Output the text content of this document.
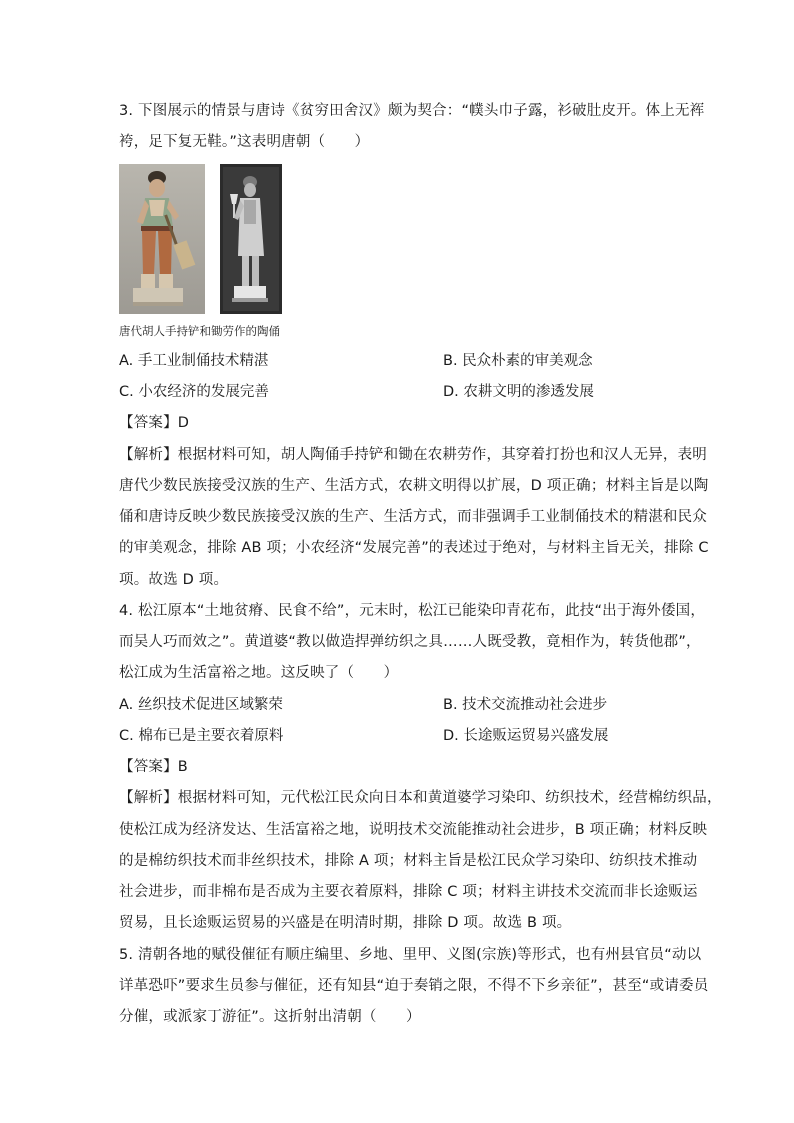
3. 下图展示的情景与唐诗《贫穷田舍汉》颇为契合：“幞头巾子露，衫破肚皮开。体上无裈
袴，足下复无鞋。”这表明唐朝（　　）
唐代胡人手持铲和锄劳作的陶俑
A. 手工业制俑技术精湛	B. 民众朴素的审美观念
C. 小农经济的发展完善	D. 农耕文明的渗透发展
【答案】D
【解析】根据材料可知，胡人陶俑手持铲和锄在农耕劳作，其穿着打扮也和汉人无异，表明
唐代少数民族接受汉族的生产、生活方式，农耕文明得以扩展，D 项正确；材料主旨是以陶
俑和唐诗反映少数民族接受汉族的生产、生活方式，而非强调手工业制俑技术的精湛和民众
的审美观念，排除 AB 项；小农经济“发展完善”的表述过于绝对，与材料主旨无关，排除 C
项。故选 D 项。
4. 松江原本“土地贫瘠、民食不给”，元末时，松江已能染印青花布，此技“出于海外倭国，
而吴人巧而效之”。黄道婆“教以做造捍弹纺织之具……人既受教，竟相作为，转货他郡”，
松江成为生活富裕之地。这反映了（　　）
A. 丝织技术促进区域繁荣	B. 技术交流推动社会进步
C. 棉布已是主要衣着原料	D. 长途贩运贸易兴盛发展
【答案】B
【解析】根据材料可知，元代松江民众向日本和黄道婆学习染印、纺织技术，经营棉纺织品，
使松江成为经济发达、生活富裕之地，说明技术交流能推动社会进步，B 项正确；材料反映
的是棉纺织技术而非丝织技术，排除 A 项；材料主旨是松江民众学习染印、纺织技术推动
社会进步，而非棉布是否成为主要衣着原料，排除 C 项；材料主讲技术交流而非长途贩运
贸易，且长途贩运贸易的兴盛是在明清时期，排除 D 项。故选 B 项。
5. 清朝各地的赋役催征有顺庄编里、乡地、里甲、义图(宗族)等形式，也有州县官员“动以
详革恐吓”要求生员参与催征，还有知县“迫于奏销之限，不得不下乡亲征”，甚至“或请委员
分催，或派家丁游征”。这折射出清朝（　　）
